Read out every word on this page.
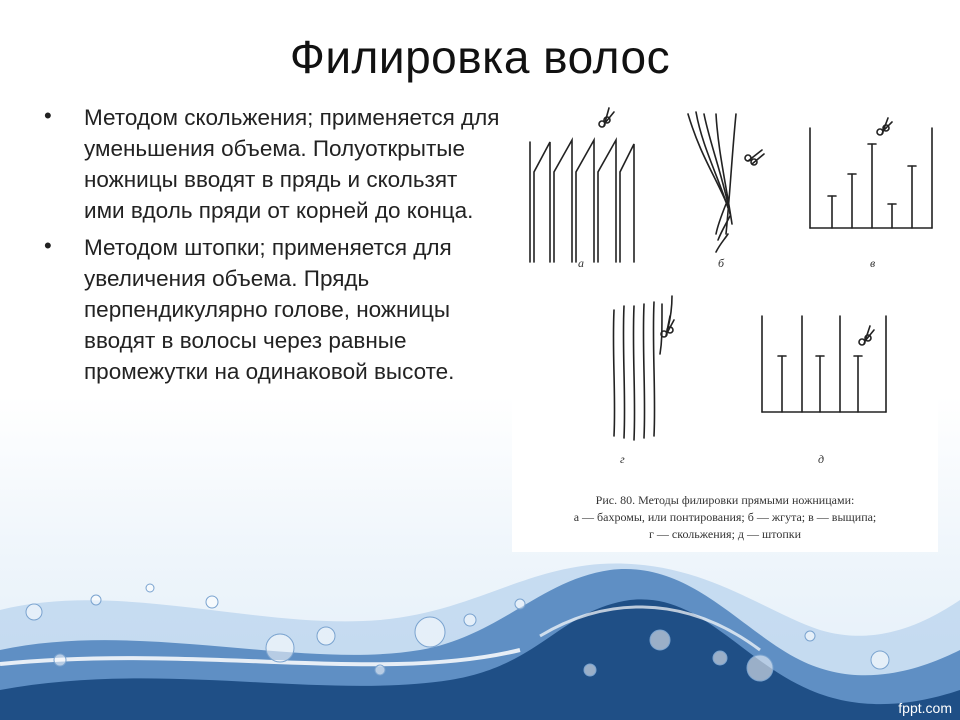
Филировка волос
• Методом скольжения; применяется для уменьшения объема. Полуоткрытые ножницы вводят в прядь и скользят ими вдоль пряди от корней до конца.
• Методом штопки; применяется для увеличения объема. Прядь перпендикулярно голове, ножницы вводят в волосы через равные промежутки на одинаковой высоте.
а	б	в
г	д
Рис. 80. Методы филировки прямыми ножницами:
а — бахромы, или понтирования; б — жгута; в — выщипа;
г — скольжения; д — штопки
fppt.com
